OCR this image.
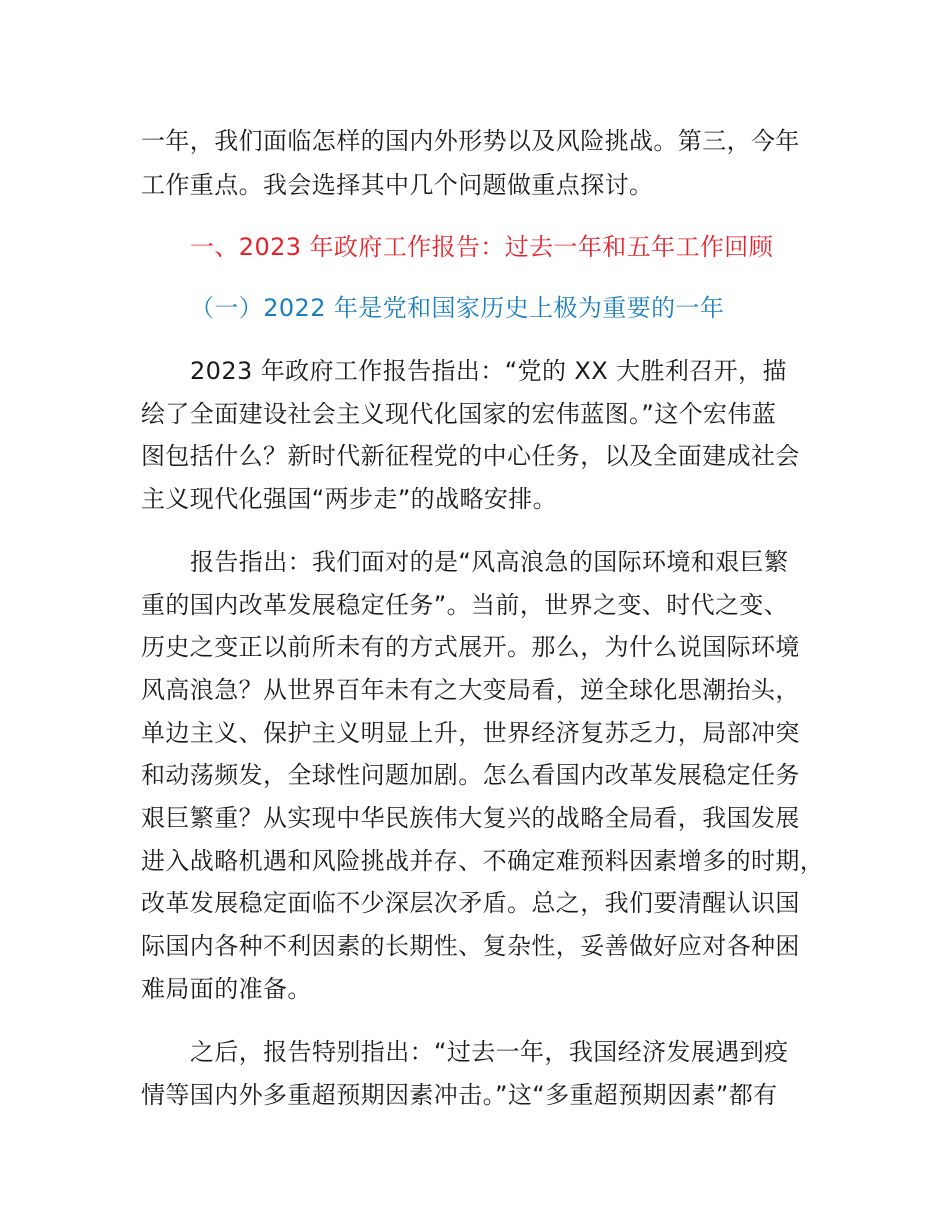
一年，我们面临怎样的国内外形势以及风险挑战。第三，今年
工作重点。我会选择其中几个问题做重点探讨。
一、2023 年政府工作报告：过去一年和五年工作回顾
（一）2022 年是党和国家历史上极为重要的一年
2023 年政府工作报告指出：“党的 XX 大胜利召开，描
绘了全面建设社会主义现代化国家的宏伟蓝图。”这个宏伟蓝
图包括什么？新时代新征程党的中心任务，以及全面建成社会
主义现代化强国“两步走”的战略安排。
报告指出：我们面对的是“风高浪急的国际环境和艰巨繁
重的国内改革发展稳定任务”。当前，世界之变、时代之变、
历史之变正以前所未有的方式展开。那么，为什么说国际环境
风高浪急？从世界百年未有之大变局看，逆全球化思潮抬头，
单边主义、保护主义明显上升，世界经济复苏乏力，局部冲突
和动荡频发，全球性问题加剧。怎么看国内改革发展稳定任务
艰巨繁重？从实现中华民族伟大复兴的战略全局看，我国发展
进入战略机遇和风险挑战并存、不确定难预料因素增多的时期，
改革发展稳定面临不少深层次矛盾。总之，我们要清醒认识国
际国内各种不利因素的长期性、复杂性，妥善做好应对各种困
难局面的准备。
之后，报告特别指出：“过去一年，我国经济发展遇到疫
情等国内外多重超预期因素冲击。”这“多重超预期因素”都有
